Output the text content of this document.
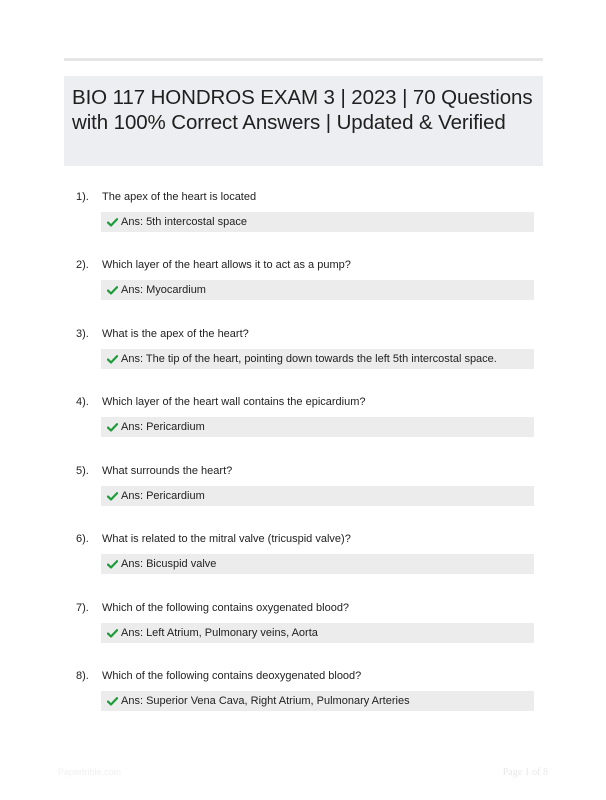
BIO 117 HONDROS EXAM 3 | 2023 | 70 Questions with 100% Correct Answers | Updated & Verified
1). The apex of the heart is located
Ans: 5th intercostal space
2). Which layer of the heart allows it to act as a pump?
Ans: Myocardium
3). What is the apex of the heart?
Ans: The tip of the heart, pointing down towards the left 5th intercostal space.
4). Which layer of the heart wall contains the epicardium?
Ans: Pericardium
5). What surrounds the heart?
Ans: Pericardium
6). What is related to the mitral valve (tricuspid valve)?
Ans: Bicuspid valve
7). Which of the following contains oxygenated blood?
Ans: Left Atrium, Pulmonary veins, Aorta
8). Which of the following contains deoxygenated blood?
Ans: Superior Vena Cava, Right Atrium, Pulmonary Arteries
Papertrible.com	Page 1 of 8
